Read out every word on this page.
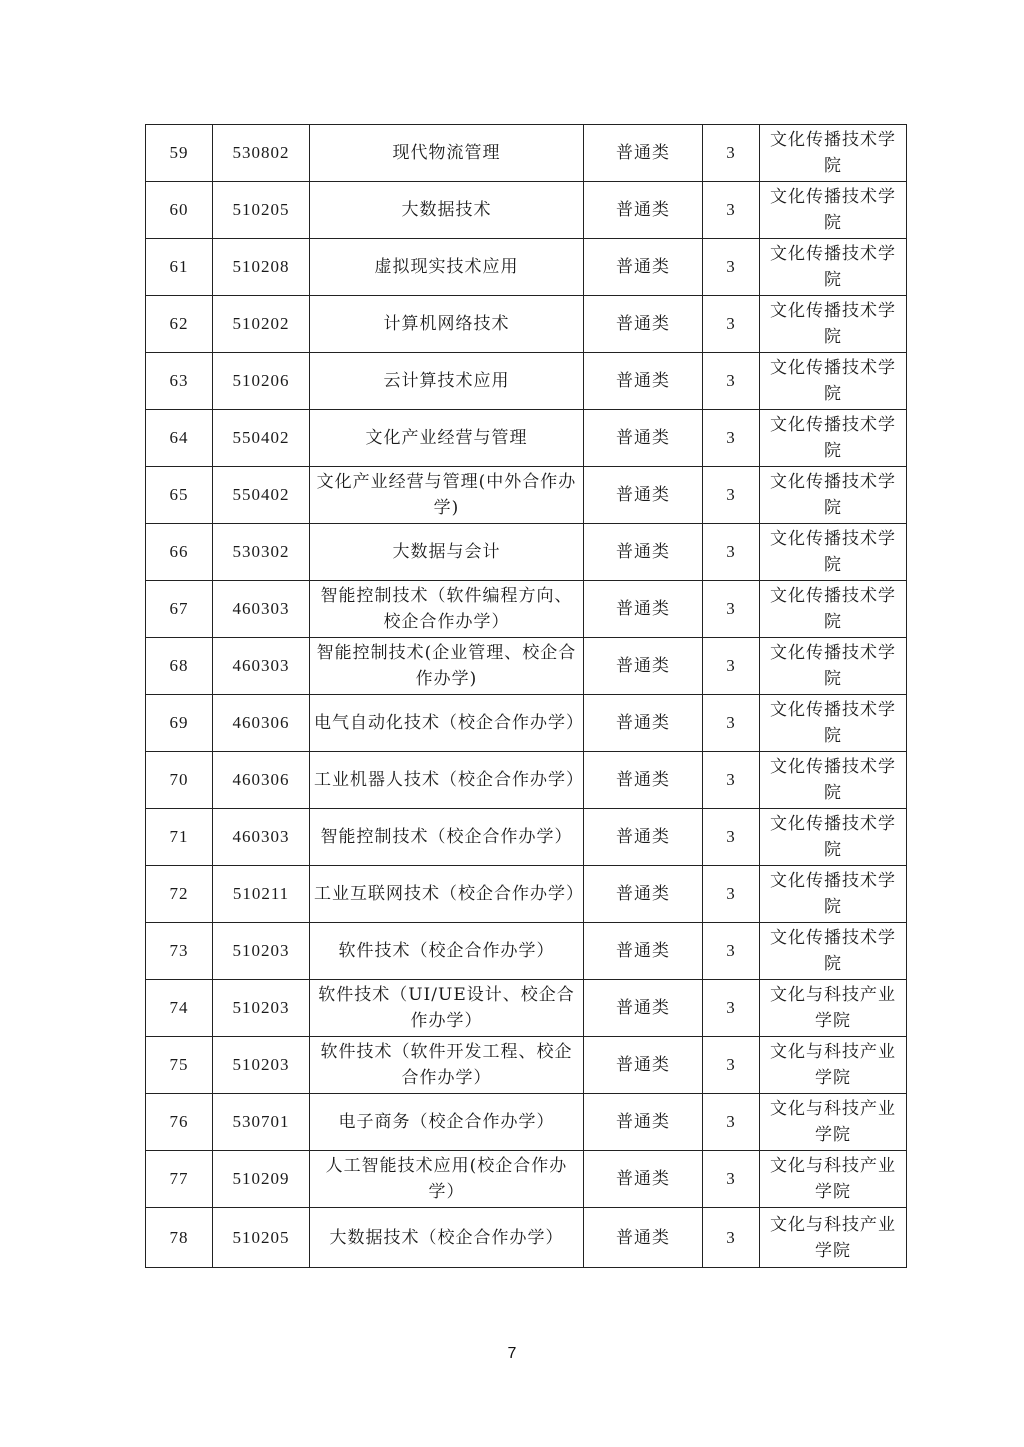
59	530802	现代物流管理	普通类	3	文化传播技术学院
60	510205	大数据技术	普通类	3	文化传播技术学院
61	510208	虚拟现实技术应用	普通类	3	文化传播技术学院
62	510202	计算机网络技术	普通类	3	文化传播技术学院
63	510206	云计算技术应用	普通类	3	文化传播技术学院
64	550402	文化产业经营与管理	普通类	3	文化传播技术学院
65	550402	文化产业经营与管理(中外合作办学)	普通类	3	文化传播技术学院
66	530302	大数据与会计	普通类	3	文化传播技术学院
67	460303	智能控制技术（软件编程方向、校企合作办学）	普通类	3	文化传播技术学院
68	460303	智能控制技术(企业管理、校企合作办学)	普通类	3	文化传播技术学院
69	460306	电气自动化技术（校企合作办学）	普通类	3	文化传播技术学院
70	460306	工业机器人技术（校企合作办学）	普通类	3	文化传播技术学院
71	460303	智能控制技术（校企合作办学）	普通类	3	文化传播技术学院
72	510211	工业互联网技术（校企合作办学）	普通类	3	文化传播技术学院
73	510203	软件技术（校企合作办学）	普通类	3	文化传播技术学院
74	510203	软件技术（UI/UE设计、校企合作办学）	普通类	3	文化与科技产业学院
75	510203	软件技术（软件开发工程、校企合作办学）	普通类	3	文化与科技产业学院
76	530701	电子商务（校企合作办学）	普通类	3	文化与科技产业学院
77	510209	人工智能技术应用(校企合作办学）	普通类	3	文化与科技产业学院
78	510205	大数据技术（校企合作办学）	普通类	3	文化与科技产业学院
7
